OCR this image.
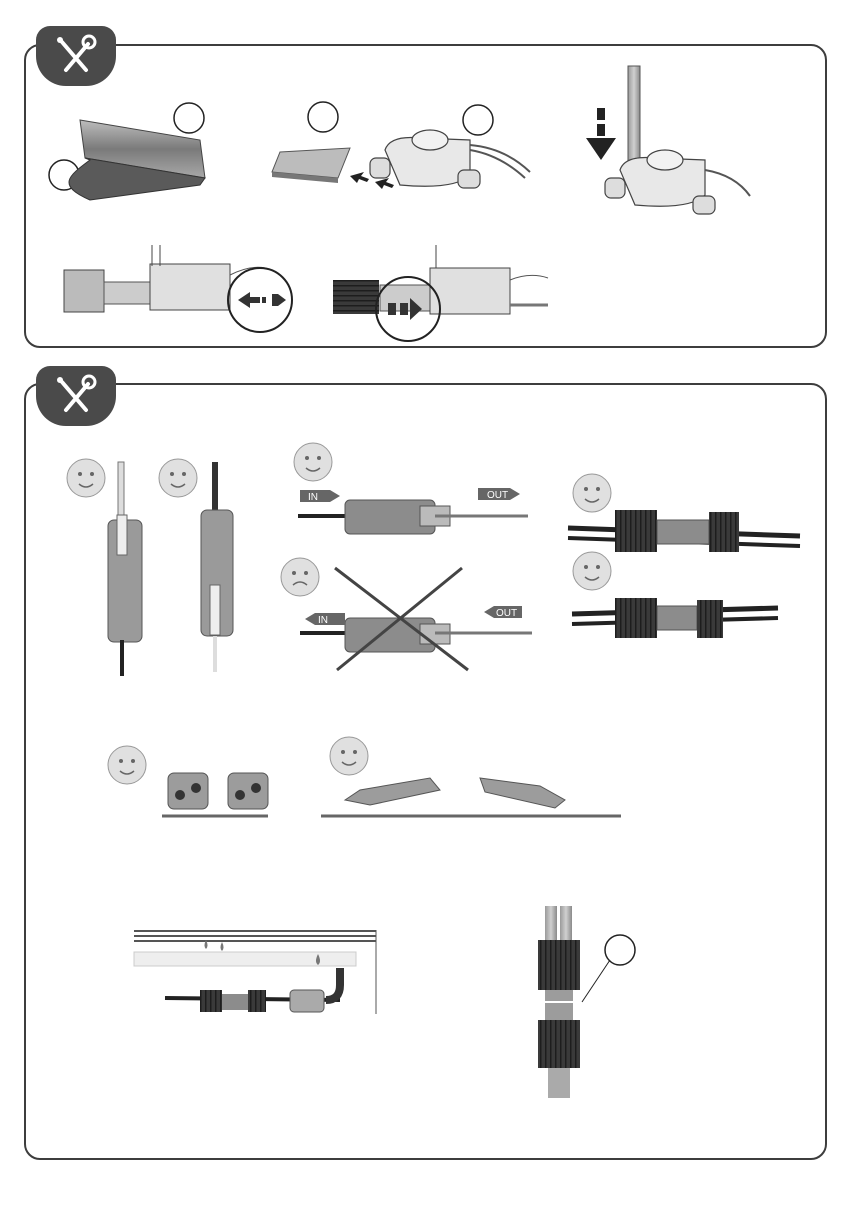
IN	OUT
IN
OUT
